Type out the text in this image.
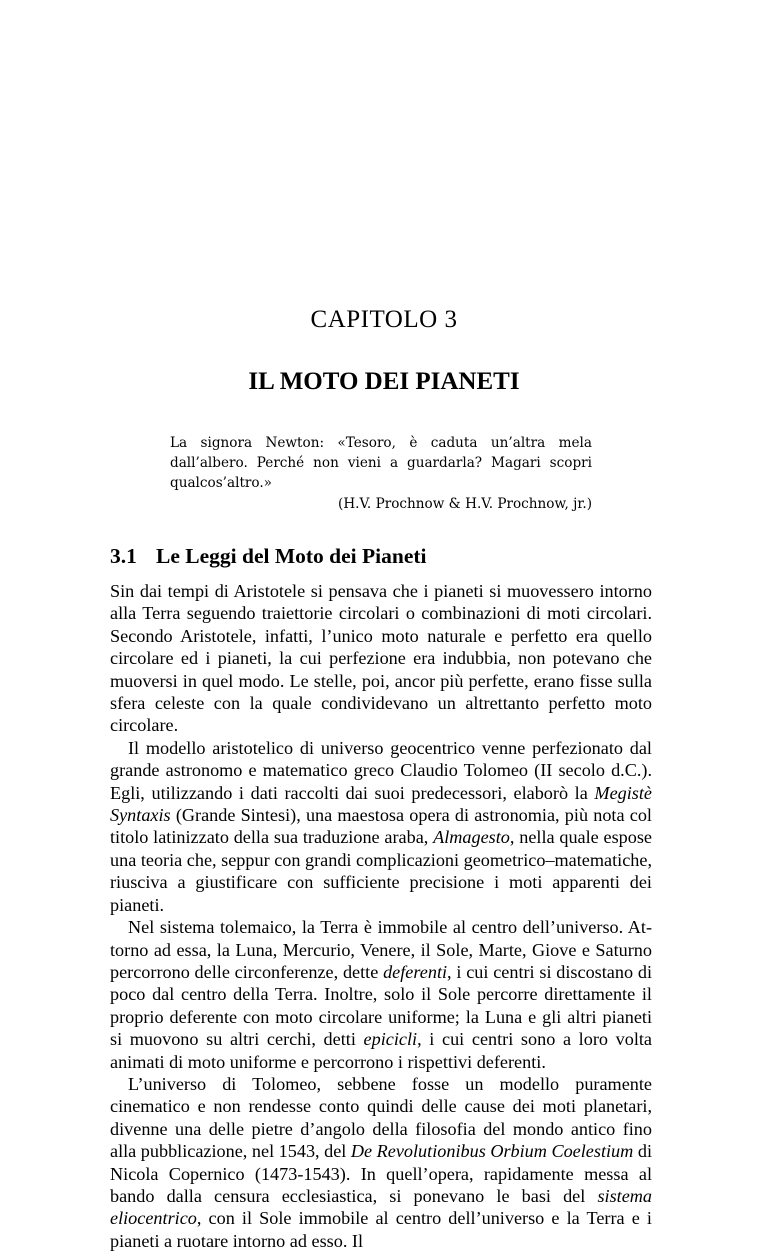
CAPITOLO 3
IL MOTO DEI PIANETI
La signora Newton: «Tesoro, è caduta un’altra mela dall’albero. Perché non vieni a guardarla? Magari scopri qualcos’altro.»
(H.V. Prochnow & H.V. Prochnow, jr.)
3.1 Le Leggi del Moto dei Pianeti

Sin dai tempi di Aristotele si pensava che i pianeti si muovessero intorno alla Terra seguendo traiettorie circolari o combinazioni di moti circolari. Secondo Aristotele, infatti, l’unico moto naturale e perfetto era quello circolare ed i pianeti, la cui perfezione era indubbia, non potevano che muoversi in quel modo. Le stelle, poi, ancor più perfette, erano fisse sulla sfera celeste con la quale condividevano un altrettanto perfetto moto circolare.

Il modello aristotelico di universo geocentrico venne perfezionato dal grande astronomo e matematico greco Claudio Tolomeo (II secolo d.C.). Egli, utilizzando i dati raccolti dai suoi predecessori, elaborò la Megistè Syntaxis (Grande Sintesi), una maestosa opera di astronomia, più nota col titolo latinizzato della sua traduzione araba, Almagesto, nella quale espose una teoria che, seppur con grandi complicazioni geometrico–matematiche, riusciva a giustificare con sufficiente precisione i moti apparenti dei pianeti.

Nel sistema tolemaico, la Terra è immobile al centro dell’universo. Attorno ad essa, la Luna, Mercurio, Venere, il Sole, Marte, Giove e Saturno percorrono delle circonferenze, dette deferenti, i cui centri si discostano di poco dal centro della Terra. Inoltre, solo il Sole percorre direttamente il proprio deferente con moto circolare uniforme; la Luna e gli altri pianeti si muovono su altri cerchi, detti epicicli, i cui centri sono a loro volta animati di moto uniforme e percorrono i rispettivi deferenti.

L’universo di Tolomeo, sebbene fosse un modello puramente cinematico e non rendesse conto quindi delle cause dei moti planetari, divenne una delle pietre d’angolo della filosofia del mondo antico fino alla pubblicazione, nel 1543, del De Revolutionibus Orbium Coelestium di Nicola Copernico (1473-1543). In quell’opera, rapidamente messa al bando dalla censura ecclesiastica, si ponevano le basi del sistema eliocentrico, con il Sole immobile al centro dell’universo e la Terra e i pianeti a ruotare intorno ad esso. Il
